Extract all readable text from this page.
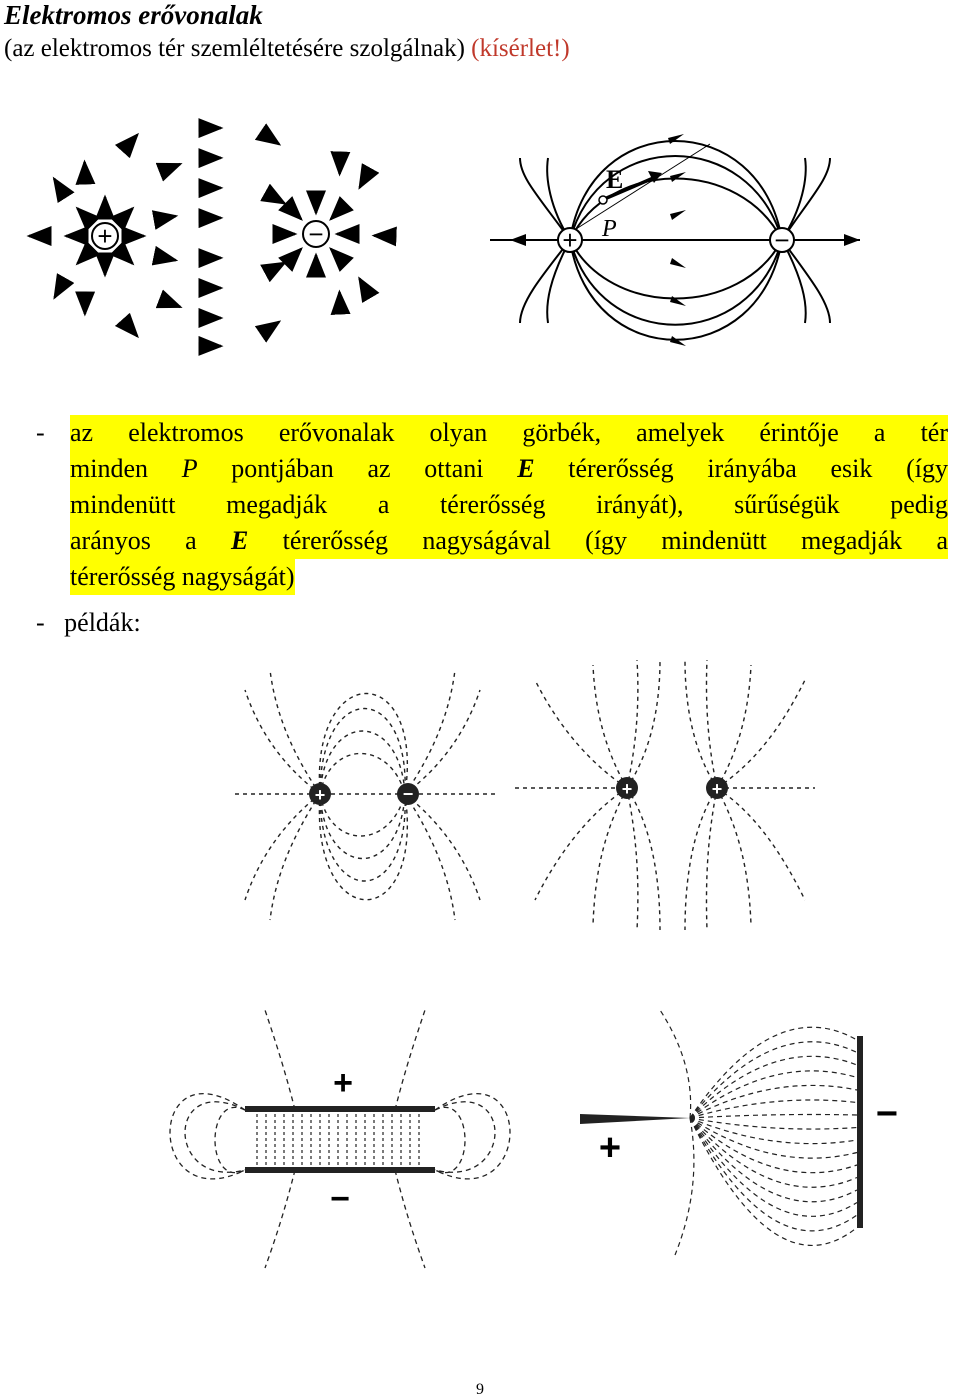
Elektromos erővonalak
(az elektromos tér szemléltetésére szolgálnak) (kísérlet!)
+	−
E
P
+	−
- az elektromos erővonalak olyan görbék, amelyek érintője a tér
minden P pontjában az ottani E térerősség irányába esik (így
mindenütt megadják a térerősség irányát), sűrűségük pedig
arányos a E térerősség nagyságával (így mindenütt megadják a
térerősség nagyságát)
- példák:
+	−	+	+
+
−
+
−
9
